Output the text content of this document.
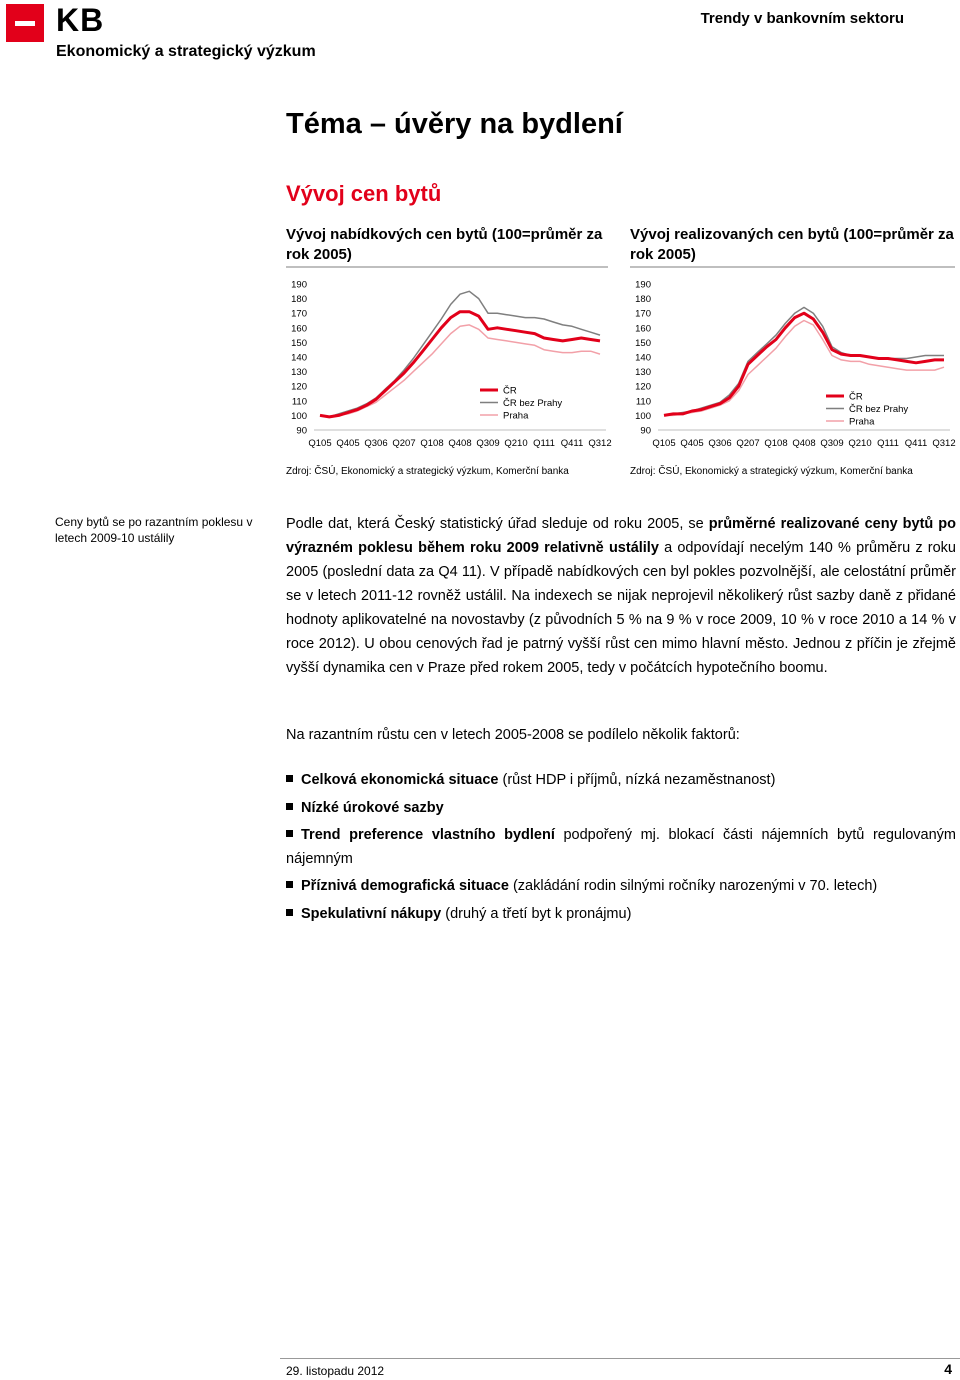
KB
Ekonomický a strategický výzkum
Trendy v bankovním sektoru
Téma – úvěry na bydlení
Vývoj cen bytů
Vývoj nabídkových cen bytů (100=průměr za rok 2005)
90
100
110
120
130
140
150
160
170
180
190
Q105 Q405 Q306 Q207 Q108 Q408 Q309 Q210 Q111 Q411 Q312
ČR
ČR bez Prahy
Praha
Zdroj: ČSÚ, Ekonomický a strategický výzkum, Komerční banka
Vývoj realizovaných cen bytů (100=průměr za rok 2005)
90
100
110
120
130
140
150
160
170
180
190
Q105 Q405 Q306 Q207 Q108 Q408 Q309 Q210 Q111 Q411 Q312
ČR
ČR bez Prahy
Praha
Zdroj: ČSÚ, Ekonomický a strategický výzkum, Komerční banka
Ceny bytů se po razantním poklesu v letech 2009-10 ustálily
Podle dat, která Český statistický úřad sleduje od roku 2005, se průměrné realizované ceny bytů po výrazném poklesu během roku 2009 relativně ustálily a odpovídají necelým 140 % průměru z roku 2005 (poslední data za Q4 11). V případě nabídkových cen byl pokles pozvolnější, ale celostátní průměr se v letech 2011-12 rovněž ustálil. Na indexech se nijak neprojevil několikerý růst sazby daně z přidané hodnoty aplikovatelné na novostavby (z původních 5 % na 9 % v roce 2009, 10 % v roce 2010 a 14 % v roce 2012). U obou cenových řad je patrný vyšší růst cen mimo hlavní město. Jednou z příčin je zřejmě vyšší dynamika cen v Praze před rokem 2005, tedy v počátcích hypotečního boomu.
Na razantním růstu cen v letech 2005-2008 se podílelo několik faktorů:
Celková ekonomická situace (růst HDP i příjmů, nízká nezaměstnanost)
Nízké úrokové sazby
Trend preference vlastního bydlení podpořený mj. blokací části nájemních bytů regulovaným nájemným
Příznivá demografická situace (zakládání rodin silnými ročníky narozenými v 70. letech)
Spekulativní nákupy (druhý a třetí byt k pronájmu)
29. listopadu 2012	4
